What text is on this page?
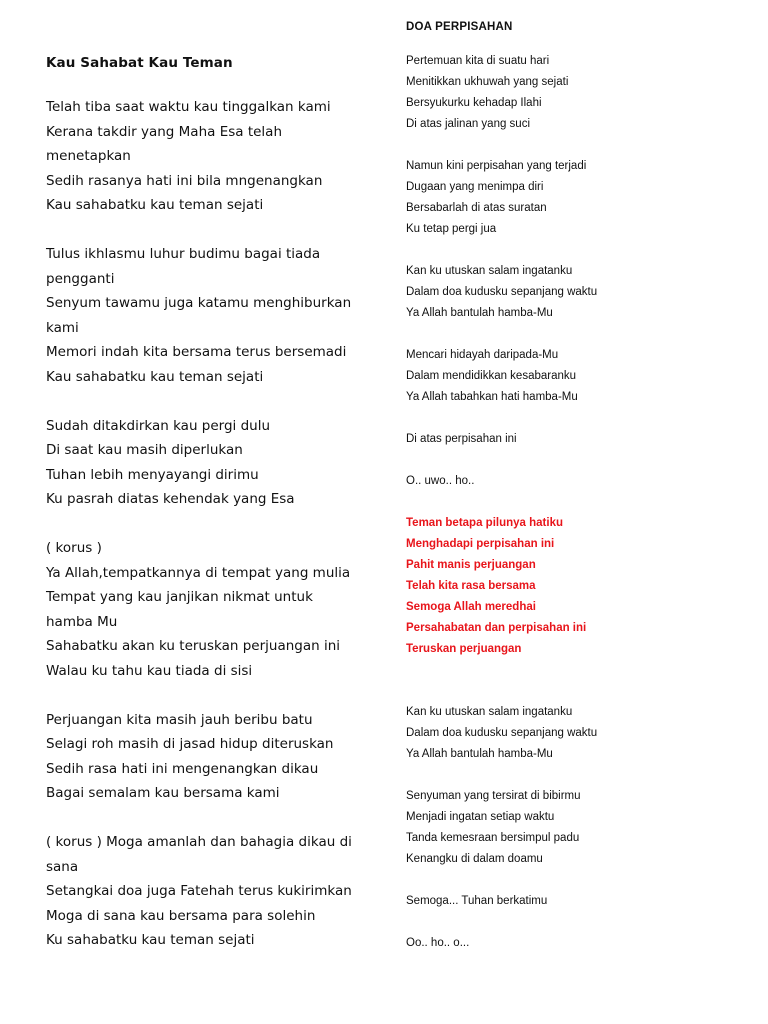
Kau Sahabat Kau Teman
Telah tiba saat waktu kau tinggalkan kami
Kerana takdir yang Maha Esa telah
menetapkan
Sedih rasanya hati ini bila mngenangkan
Kau sahabatku kau teman sejati
Tulus ikhlasmu luhur budimu bagai tiada
pengganti
Senyum tawamu juga katamu menghiburkan
kami
Memori indah kita bersama terus bersemadi
Kau sahabatku kau teman sejati
Sudah ditakdirkan kau pergi dulu
Di saat kau masih diperlukan
Tuhan lebih menyayangi dirimu
Ku pasrah diatas kehendak yang Esa
( korus )
Ya Allah,tempatkannya di tempat yang mulia
Tempat yang kau janjikan nikmat untuk
hamba Mu
Sahabatku akan ku teruskan perjuangan ini
Walau ku tahu kau tiada di sisi
Perjuangan kita masih jauh beribu batu
Selagi roh masih di jasad hidup diteruskan
Sedih rasa hati ini mengenangkan dikau
Bagai semalam kau bersama kami
( korus ) Moga amanlah dan bahagia dikau di
sana
Setangkai doa juga Fatehah terus kukirimkan
Moga di sana kau bersama para solehin
Ku sahabatku kau teman sejati
DOA PERPISAHAN
Pertemuan kita di suatu hari
Menitikkan ukhuwah yang sejati
Bersyukurku kehadap Ilahi
Di atas jalinan yang suci
Namun kini perpisahan yang terjadi
Dugaan yang menimpa diri
Bersabarlah di atas suratan
Ku tetap pergi jua
Kan ku utuskan salam ingatanku
Dalam doa kudusku sepanjang waktu
Ya Allah bantulah hamba-Mu
Mencari hidayah daripada-Mu
Dalam mendidikkan kesabaranku
Ya Allah tabahkan hati hamba-Mu
Di atas perpisahan ini
O.. uwo.. ho..
Teman betapa pilunya hatiku
Menghadapi perpisahan ini
Pahit manis perjuangan
Telah kita rasa bersama
Semoga Allah meredhai
Persahabatan dan perpisahan ini
Teruskan perjuangan
Kan ku utuskan salam ingatanku
Dalam doa kudusku sepanjang waktu
Ya Allah bantulah hamba-Mu
Senyuman yang tersirat di bibirmu
Menjadi ingatan setiap waktu
Tanda kemesraan bersimpul padu
Kenangku di dalam doamu
Semoga... Tuhan berkatimu
Oo.. ho.. o...
